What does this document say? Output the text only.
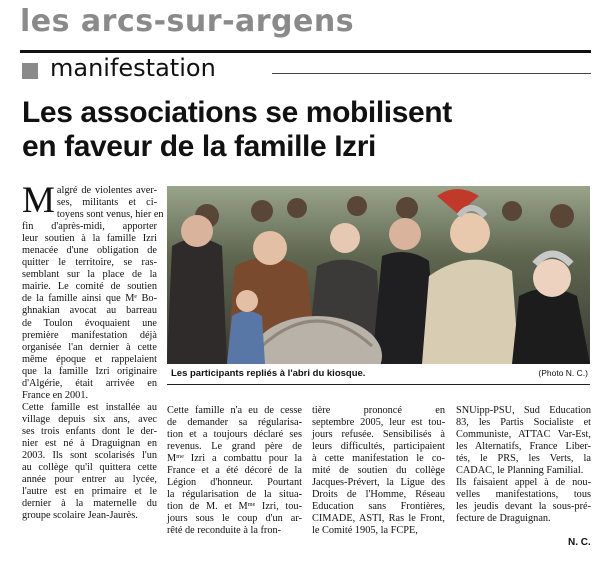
les arcs-sur-argens
manifestation
Les associations se mobilisent
en faveur de la famille Izri
M algré de violentes aver-
ses, militants et ci-
toyens sont venus, hier en
fin d'après-midi, apporter
leur soutien à la famille Izri
menacée d'une obligation de
quitter le territoire, se ras-
semblant sur la place de la
mairie. Le comité de soutien
de la famille ainsi que Mᵉ Bo-
ghnakian avocat au barreau
de Toulon évoquaient une
première manifestation déjà
organisée l'an dernier à cette
même époque et rappelaient
que la famille Izri originaire
d'Algérie, était arrivée en
France en 2001.
Cette famille est installée au
village depuis six ans, avec
ses trois enfants dont le der-
nier est né à Draguignan en
2003. Ils sont scolarisés l'un
au collège qu'il quittera cette
année pour entrer au lycée,
l'autre est en primaire et le
dernier à la maternelle du
groupe scolaire Jean-Jaurès.
Les participants repliés à l'abri du kiosque.	(Photo N. C.)
Cette famille n'a eu de cesse
de demander sa régularisa-
tion et a toujours déclaré ses
revenus. Le grand père de
Mᵐᵉ Izri a combattu pour la
France et a été décoré de la
Légion d'honneur. Pourtant
la régularisation de la situa-
tion de M. et Mᵐᵉ Izri, tou-
jours sous le coup d'un ar-
rêté de reconduite à la fron-
tière prononcé en
septembre 2005, leur est tou-
jours refusée. Sensibilisés à
leurs difficultés, participaient
à cette manifestation le co-
mité de soutien du collège
Jacques-Prévert, la Ligue des
Droits de l'Homme, Réseau
Education sans Frontières,
CIMADE, ASTI, Ras le Front,
le Comité 1905, la FCPE,
SNUipp-PSU, Sud Education
83, les Partis Socialiste et
Communiste, ATTAC Var-Est,
les Alternatifs, France Liber-
tés, le PRS, les Verts, la
CADAC, le Planning Familial.
Ils faisaient appel à de nou-
velles manifestations, tous
les jeudis devant la sous-pré-
fecture de Draguignan.
N. C.
